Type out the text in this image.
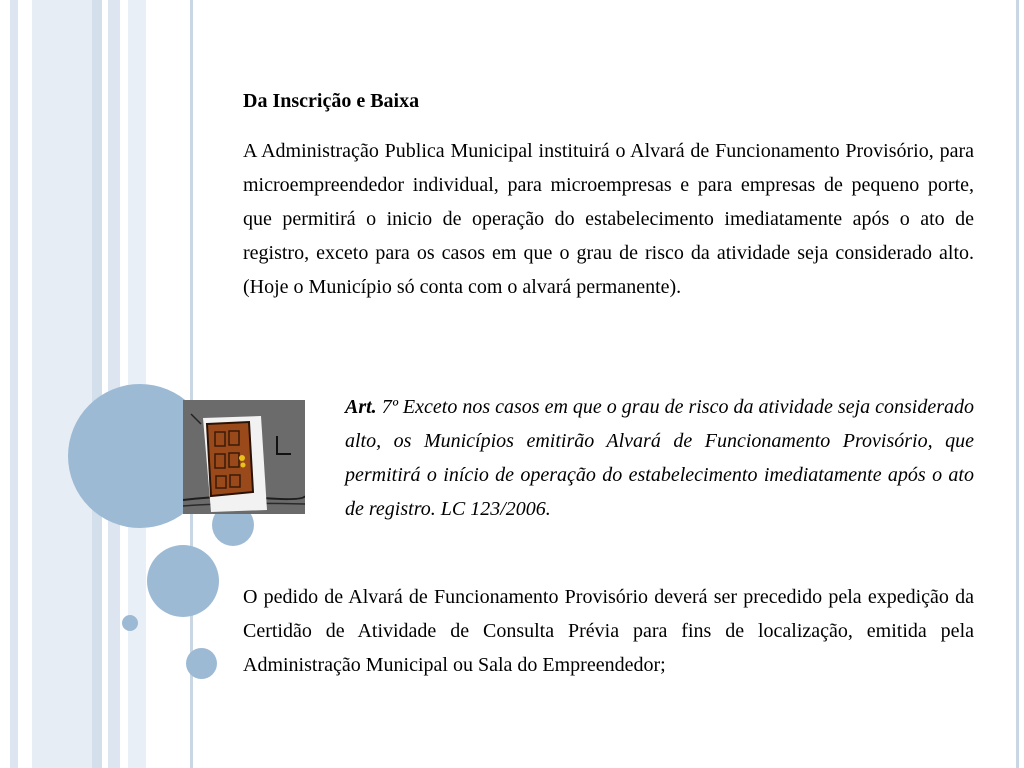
Da Inscrição e Baixa

A Administração Publica Municipal instituirá o Alvará de Funcionamento Provisório, para microempreendedor individual, para microempresas e para empresas de pequeno porte, que permitirá o inicio de operação do estabelecimento imediatamente após o ato de registro, exceto para os casos em que o grau de risco da atividade seja considerado alto. (Hoje o Município só conta com o alvará permanente).

Art. 7º Exceto nos casos em que o grau de risco da atividade seja considerado alto, os Municípios emitirão Alvará de Funcionamento Provisório, que permitirá o início de operação do estabelecimento imediatamente após o ato de registro. LC 123/2006.

O pedido de Alvará de Funcionamento Provisório deverá ser precedido pela expedição da Certidão de Atividade de Consulta Prévia para fins de localização, emitida pela Administração Municipal ou Sala do Empreendedor;
